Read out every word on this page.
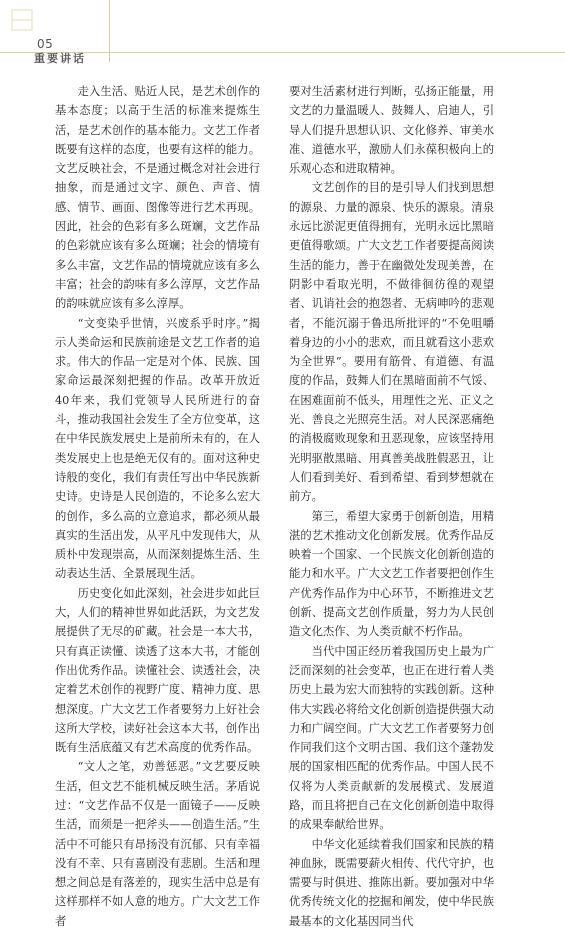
05
重要讲话

走入生活、贴近人民，是艺术创作的基本态度；以高于生活的标准来提炼生活，是艺术创作的基本能力。文艺工作者既要有这样的态度，也要有这样的能力。文艺反映社会，不是通过概念对社会进行抽象，而是通过文字、颜色、声音、情感、情节、画面、图像等进行艺术再现。因此，社会的色彩有多么斑斓，文艺作品的色彩就应该有多么斑斓；社会的情境有多么丰富，文艺作品的情境就应该有多么丰富；社会的韵味有多么淳厚，文艺作品的韵味就应该有多么淳厚。

“文变染乎世情，兴废系乎时序。”揭示人类命运和民族前途是文艺工作者的追求。伟大的作品一定是对个体、民族、国家命运最深刻把握的作品。改革开放近40年来，我们党领导人民所进行的奋斗，推动我国社会发生了全方位变革，这在中华民族发展史上是前所未有的，在人类发展史上也是绝无仅有的。面对这种史诗般的变化，我们有责任写出中华民族新史诗。史诗是人民创造的，不论多么宏大的创作，多么高的立意追求，都必须从最真实的生活出发，从平凡中发现伟大，从质朴中发现崇高，从而深刻提炼生活、生动表达生活、全景展现生活。

历史变化如此深刻，社会进步如此巨大，人们的精神世界如此活跃，为文艺发展提供了无尽的矿藏。社会是一本大书，只有真正读懂、读透了这本大书，才能创作出优秀作品。读懂社会、读透社会，决定着艺术创作的视野广度、精神力度、思想深度。广大文艺工作者要努力上好社会这所大学校，读好社会这本大书，创作出既有生活底蕴又有艺术高度的优秀作品。

“文人之笔，劝善惩恶。”文艺要反映生活，但文艺不能机械反映生活。茅盾说过：“文艺作品不仅是一面镜子——反映生活，而须是一把斧头——创造生活。”生活中不可能只有昂扬没有沉郁、只有幸福没有不幸、只有喜剧没有悲剧。生活和理想之间总是有落差的，现实生活中总是有这样那样不如人意的地方。广大文艺工作者

要对生活素材进行判断，弘扬正能量，用文艺的力量温暖人、鼓舞人、启迪人，引导人们提升思想认识、文化修养、审美水准、道德水平，激励人们永葆积极向上的乐观心态和进取精神。

文艺创作的目的是引导人们找到思想的源泉、力量的源泉、快乐的源泉。清泉永远比淤泥更值得拥有，光明永远比黑暗更值得歌颂。广大文艺工作者要提高阅读生活的能力，善于在幽微处发现美善，在阴影中看取光明，不做徘徊彷徨的观望者、讥诮社会的抱怨者、无病呻吟的悲观者，不能沉溺于鲁迅所批评的“不免咀嚼着身边的小小的悲欢，而且就看这小悲欢为全世界”。要用有筋骨、有道德、有温度的作品，鼓舞人们在黑暗面前不气馁、在困难面前不低头，用理性之光、正义之光、善良之光照亮生活。对人民深恶痛绝的消极腐败现象和丑恶现象，应该坚持用光明驱散黑暗、用真善美战胜假恶丑，让人们看到美好、看到希望、看到梦想就在前方。

第三，希望大家勇于创新创造，用精湛的艺术推动文化创新发展。优秀作品反映着一个国家、一个民族文化创新创造的能力和水平。广大文艺工作者要把创作生产优秀作品作为中心环节，不断推进文艺创新、提高文艺创作质量，努力为人民创造文化杰作、为人类贡献不朽作品。

当代中国正经历着我国历史上最为广泛而深刻的社会变革，也正在进行着人类历史上最为宏大而独特的实践创新。这种伟大实践必将给文化创新创造提供强大动力和广阔空间。广大文艺工作者要努力创作同我们这个文明古国、我们这个蓬勃发展的国家相匹配的优秀作品。中国人民不仅将为人类贡献新的发展模式、发展道路，而且将把自己在文化创新创造中取得的成果奉献给世界。

中华文化延续着我们国家和民族的精神血脉，既需要薪火相传、代代守护，也需要与时俱进、推陈出新。要加强对中华优秀传统文化的挖掘和阐发，使中华民族最基本的文化基因同当代
